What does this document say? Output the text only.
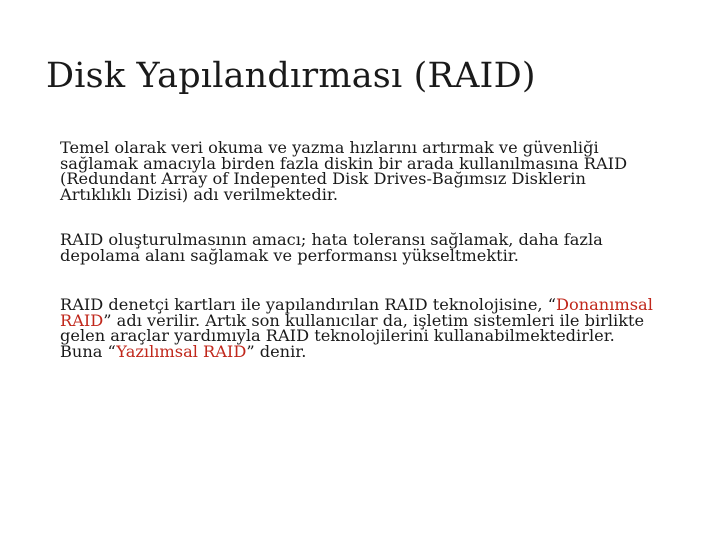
Disk Yapılandırması (RAID)

Temel olarak veri okuma ve yazma hızlarını artırmak ve güvenliği sağlamak amacıyla birden fazla diskin bir arada kullanılmasına RAID (Redundant Array of Indepented Disk Drives-Bağımsız Disklerin Artıklıklı Dizisi) adı verilmektedir.

RAID oluşturulmasının amacı; hata toleransı sağlamak, daha fazla depolama alanı sağlamak ve performansı yükseltmektir.

RAID denetçi kartları ile yapılandırılan RAID teknolojisine, “Donanımsal RAID” adı verilir. Artık son kullanıcılar da, işletim sistemleri ile birlikte gelen araçlar yardımıyla RAID teknolojilerini kullanabilmektedirler. Buna “Yazılımsal RAID” denir.
